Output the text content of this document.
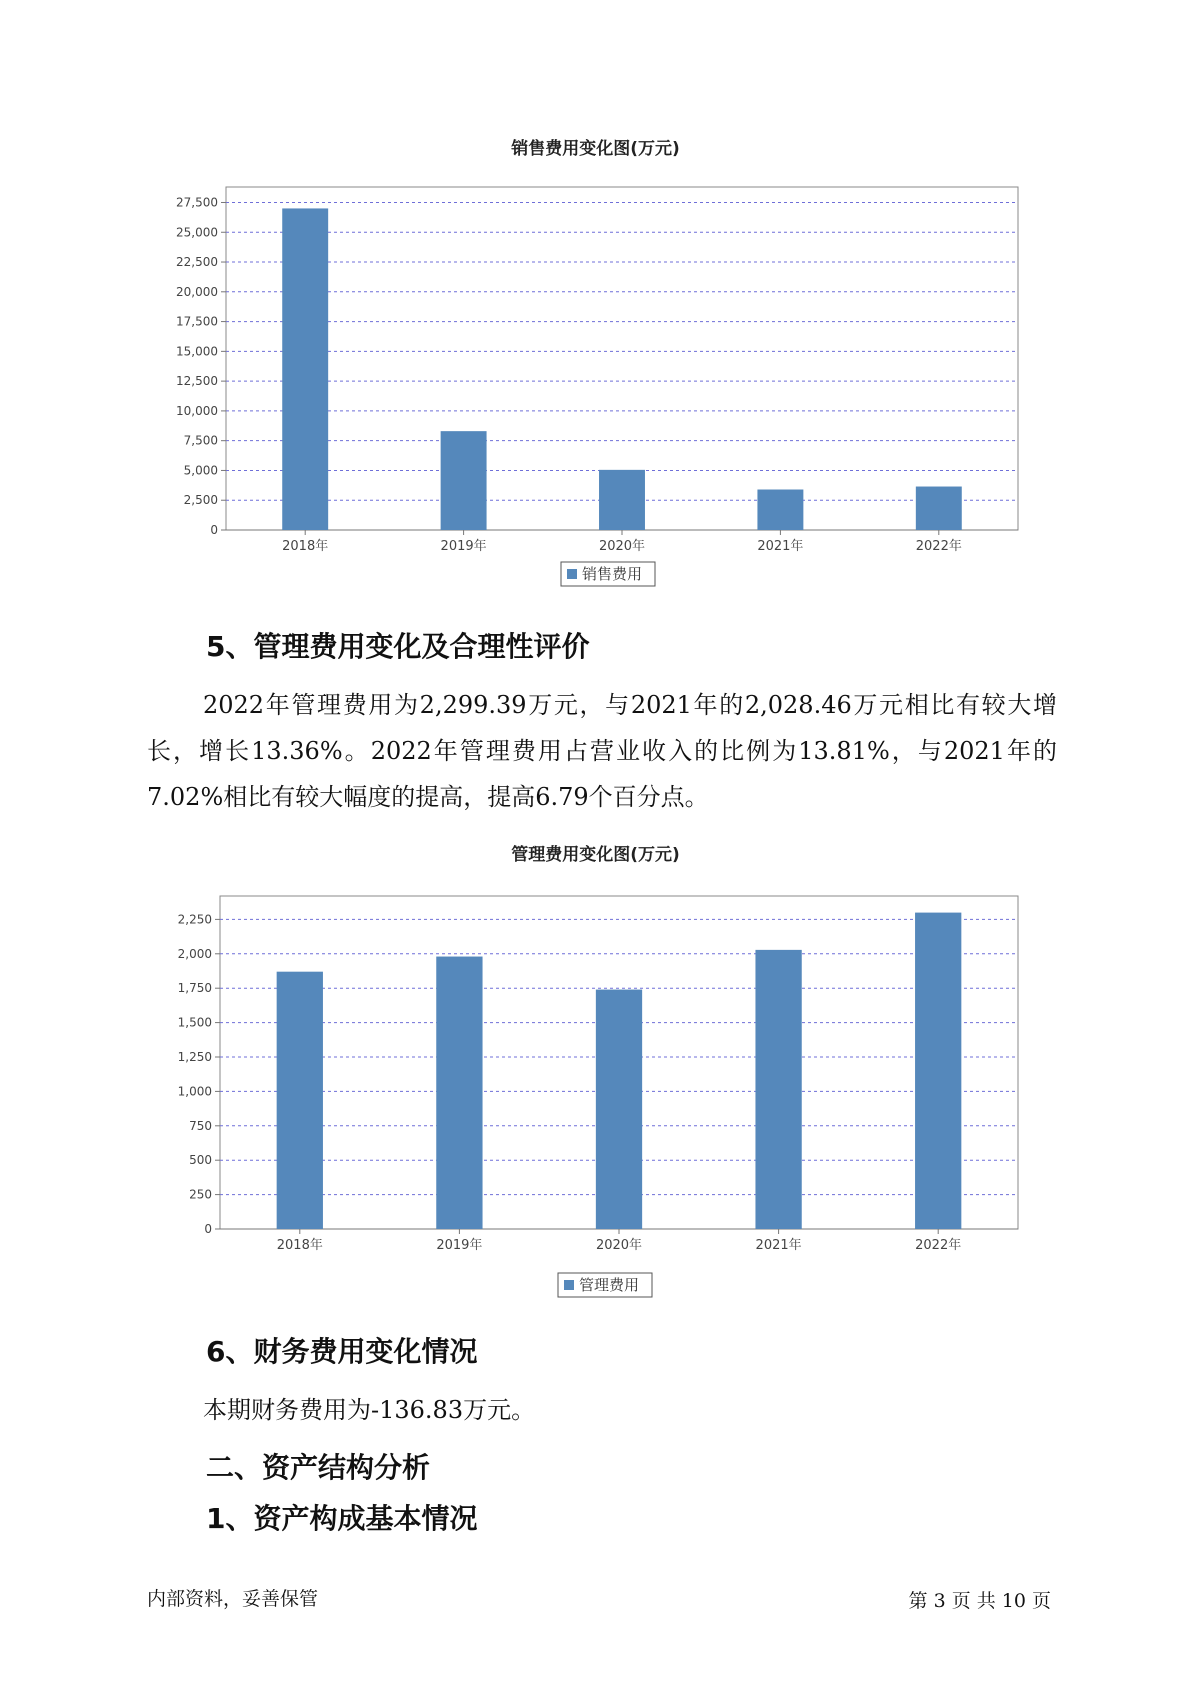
销售费用变化图(万元)
0
2,500
5,000
7,500
10,000
12,500
15,000
17,500
20,000
22,500
25,000
27,500
2018年	2019年	2020年	2021年	2022年
销售费用
5、管理费用变化及合理性评价
2022年管理费用为2,299.39万元，与2021年的2,028.46万元相比有较大增长，增长13.36%。2022年管理费用占营业收入的比例为13.81%，与2021年的7.02%相比有较大幅度的提高，提高6.79个百分点。
管理费用变化图(万元)
0
250
500
750
1,000
1,250
1,500
1,750
2,000
2,250
2018年	2019年	2020年	2021年	2022年
管理费用
6、财务费用变化情况
本期财务费用为-136.83万元。
二、资产结构分析
1、资产构成基本情况
内部资料，妥善保管	第 3 页 共 10 页
